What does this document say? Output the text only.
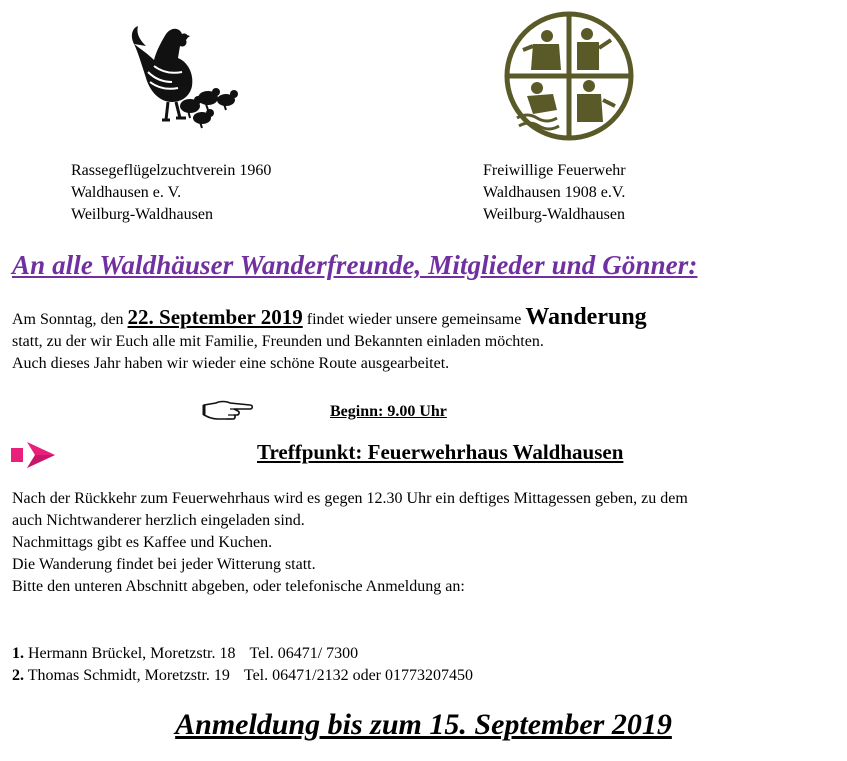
Rassegeflügelzuchtverein 1960

Waldhausen e. V.

Weilburg-Waldhausen

Freiwillige Feuerwehr

Waldhausen 1908 e.V.

Weilburg-Waldhausen

An alle Waldhäuser Wanderfreunde, Mitglieder und Gönner:

Am Sonntag, den 22. September 2019 findet wieder unsere gemeinsame Wanderung

statt, zu der wir Euch alle mit Familie, Freunden und Bekannten einladen möchten.

Auch dieses Jahr haben wir wieder eine schöne Route ausgearbeitet.

Beginn: 9.00 Uhr
Treffpunkt: Feuerwehrhaus Waldhausen

Nach der Rückkehr zum Feuerwehrhaus wird es gegen 12.30 Uhr ein deftiges Mittagessen geben, zu dem

auch Nichtwanderer herzlich eingeladen sind.

Nachmittags gibt es Kaffee und Kuchen.

Die Wanderung findet bei jeder Witterung statt.

Bitte den unteren Abschnitt abgeben, oder telefonische Anmeldung an:

1. Hermann Brückel, Moretzstr. 18 Tel. 06471/ 7300

2. Thomas Schmidt, Moretzstr. 19 Tel. 06471/2132 oder 01773207450

Anmeldung bis zum 15. September 2019
